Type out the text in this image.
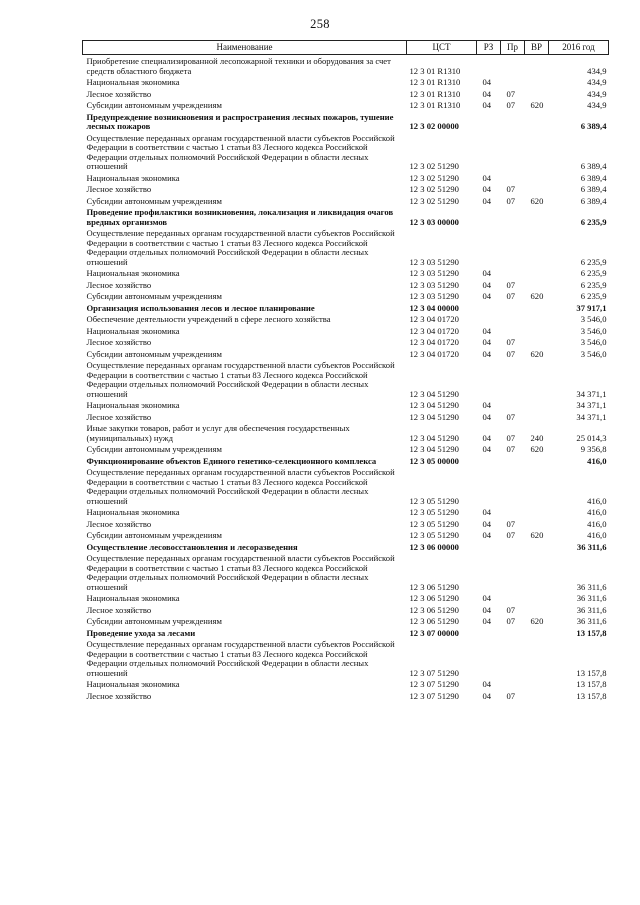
258
Наименование	ЦСТ	РЗ	Пр	ВР	2016 год
Приобретение специализированной лесопожарной техники и оборудования за счет средств областного бюджета	12 3 01 R1310				434,9
Национальная экономика	12 3 01 R1310	04			434,9
Лесное хозяйство	12 3 01 R1310	04	07		434,9
Субсидии автономным учреждениям	12 3 01 R1310	04	07	620	434,9
Предупреждение возникновения и распространения лесных пожаров, тушение лесных пожаров	12 3 02 00000				6 389,4
Осуществление переданных органам государственной власти субъектов Российской Федерации в соответствии с частью 1 статьи 83 Лесного кодекса Российской Федерации отдельных полномочий Российской Федерации в области лесных отношений	12 3 02 51290				6 389,4
Национальная экономика	12 3 02 51290	04			6 389,4
Лесное хозяйство	12 3 02 51290	04	07		6 389,4
Субсидии автономным учреждениям	12 3 02 51290	04	07	620	6 389,4
Проведение профилактики возникновения, локализация и ликвидация очагов вредных организмов	12 3 03 00000				6 235,9
Осуществление переданных органам государственной власти субъектов Российской Федерации в соответствии с частью 1 статьи 83 Лесного кодекса Российской Федерации отдельных полномочий Российской Федерации в области лесных отношений	12 3 03 51290				6 235,9
Национальная экономика	12 3 03 51290	04			6 235,9
Лесное хозяйство	12 3 03 51290	04	07		6 235,9
Субсидии автономным учреждениям	12 3 03 51290	04	07	620	6 235,9
Организация использования лесов и лесное планирование	12 3 04 00000				37 917,1
Обеспечение деятельности учреждений в сфере лесного хозяйства	12 3 04 01720				3 546,0
Национальная экономика	12 3 04 01720	04			3 546,0
Лесное хозяйство	12 3 04 01720	04	07		3 546,0
Субсидии автономным учреждениям	12 3 04 01720	04	07	620	3 546,0
Осуществление переданных органам государственной власти субъектов Российской Федерации в соответствии с частью 1 статьи 83 Лесного кодекса Российской Федерации отдельных полномочий Российской Федерации в области лесных отношений	12 3 04 51290				34 371,1
Национальная экономика	12 3 04 51290	04			34 371,1
Лесное хозяйство	12 3 04 51290	04	07		34 371,1
Иные закупки товаров, работ и услуг для обеспечения государственных (муниципальных) нужд	12 3 04 51290	04	07	240	25 014,3
Субсидии автономным учреждениям	12 3 04 51290	04	07	620	9 356,8
Функционирование объектов Единого генетико-селекционного комплекса	12 3 05 00000				416,0
Осуществление переданных органам государственной власти субъектов Российской Федерации в соответствии с частью 1 статьи 83 Лесного кодекса Российской Федерации отдельных полномочий Российской Федерации в области лесных отношений	12 3 05 51290				416,0
Национальная экономика	12 3 05 51290	04			416,0
Лесное хозяйство	12 3 05 51290	04	07		416,0
Субсидии автономным учреждениям	12 3 05 51290	04	07	620	416,0
Осуществление лесовосстановления и лесоразведения	12 3 06 00000				36 311,6
Осуществление переданных органам государственной власти субъектов Российской Федерации в соответствии с частью 1 статьи 83 Лесного кодекса Российской Федерации отдельных полномочий Российской Федерации в области лесных отношений	12 3 06 51290				36 311,6
Национальная экономика	12 3 06 51290	04			36 311,6
Лесное хозяйство	12 3 06 51290	04	07		36 311,6
Субсидии автономным учреждениям	12 3 06 51290	04	07	620	36 311,6
Проведение ухода за лесами	12 3 07 00000				13 157,8
Осуществление переданных органам государственной власти субъектов Российской Федерации в соответствии с частью 1 статьи 83 Лесного кодекса Российской Федерации отдельных полномочий Российской Федерации в области лесных отношений	12 3 07 51290				13 157,8
Национальная экономика	12 3 07 51290	04			13 157,8
Лесное хозяйство	12 3 07 51290	04	07		13 157,8
